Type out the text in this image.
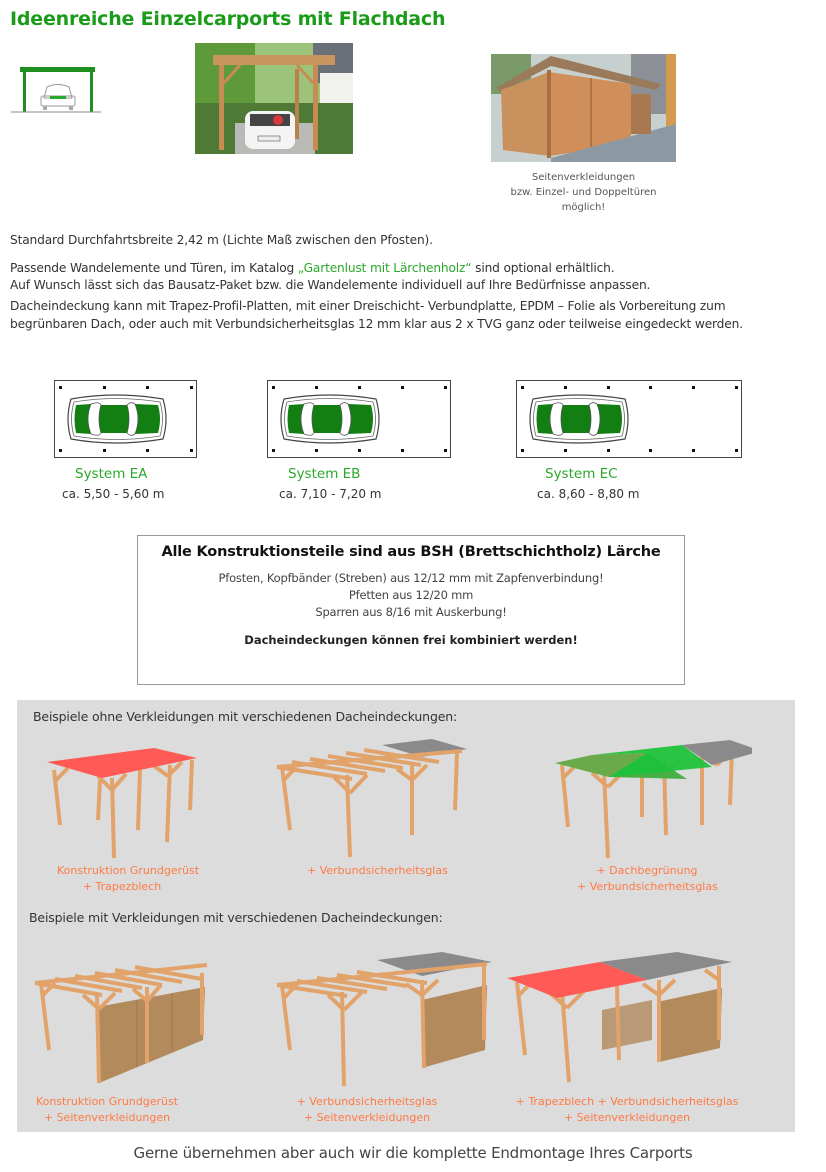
Ideenreiche Einzelcarports mit Flachdach
Seitenverkleidungen
bzw. Einzel- und Doppeltüren
möglich!
Standard Durchfahrtsbreite 2,42 m (Lichte Maß zwischen den Pfosten).
Passende Wandelemente und Türen, im Katalog „Gartenlust mit Lärchenholz“ sind optional erhältlich.
Auf Wunsch lässt sich das Bausatz-Paket bzw. die Wandelemente individuell auf Ihre Bedürfnisse anpassen.
Dacheindeckung kann mit Trapez-Profil-Platten, mit einer Dreischicht- Verbundplatte, EPDM – Folie als Vorbereitung zum
begrünbaren Dach, oder auch mit Verbundsicherheitsglas 12 mm klar aus 2 x TVG ganz oder teilweise eingedeckt werden.
System EA
ca. 5,50 - 5,60 m
System EB
ca. 7,10 - 7,20 m
System EC
ca. 8,60 - 8,80 m
Alle Konstruktionsteile sind aus BSH (Brettschichtholz) Lärche
Pfosten, Kopfbänder (Streben) aus 12/12 mm mit Zapfenverbindung!
Pfetten aus 12/20 mm
Sparren aus 8/16 mit Auskerbung!
Dacheindeckungen können frei kombiniert werden!
Beispiele ohne Verkleidungen mit verschiedenen Dacheindeckungen:
Konstruktion Grundgerüst
+ Trapezblech
+ Verbundsicherheitsglas	+ Dachbegrünung
+ Verbundsicherheitsglas
Beispiele mit Verkleidungen mit verschiedenen Dacheindeckungen:
Konstruktion Grundgerüst
+ Seitenverkleidungen
+ Verbundsicherheitsglas
+ Seitenverkleidungen
+ Trapezblech + Verbundsicherheitsglas
+ Seitenverkleidungen
Gerne übernehmen aber auch wir die komplette Endmontage Ihres Carports
